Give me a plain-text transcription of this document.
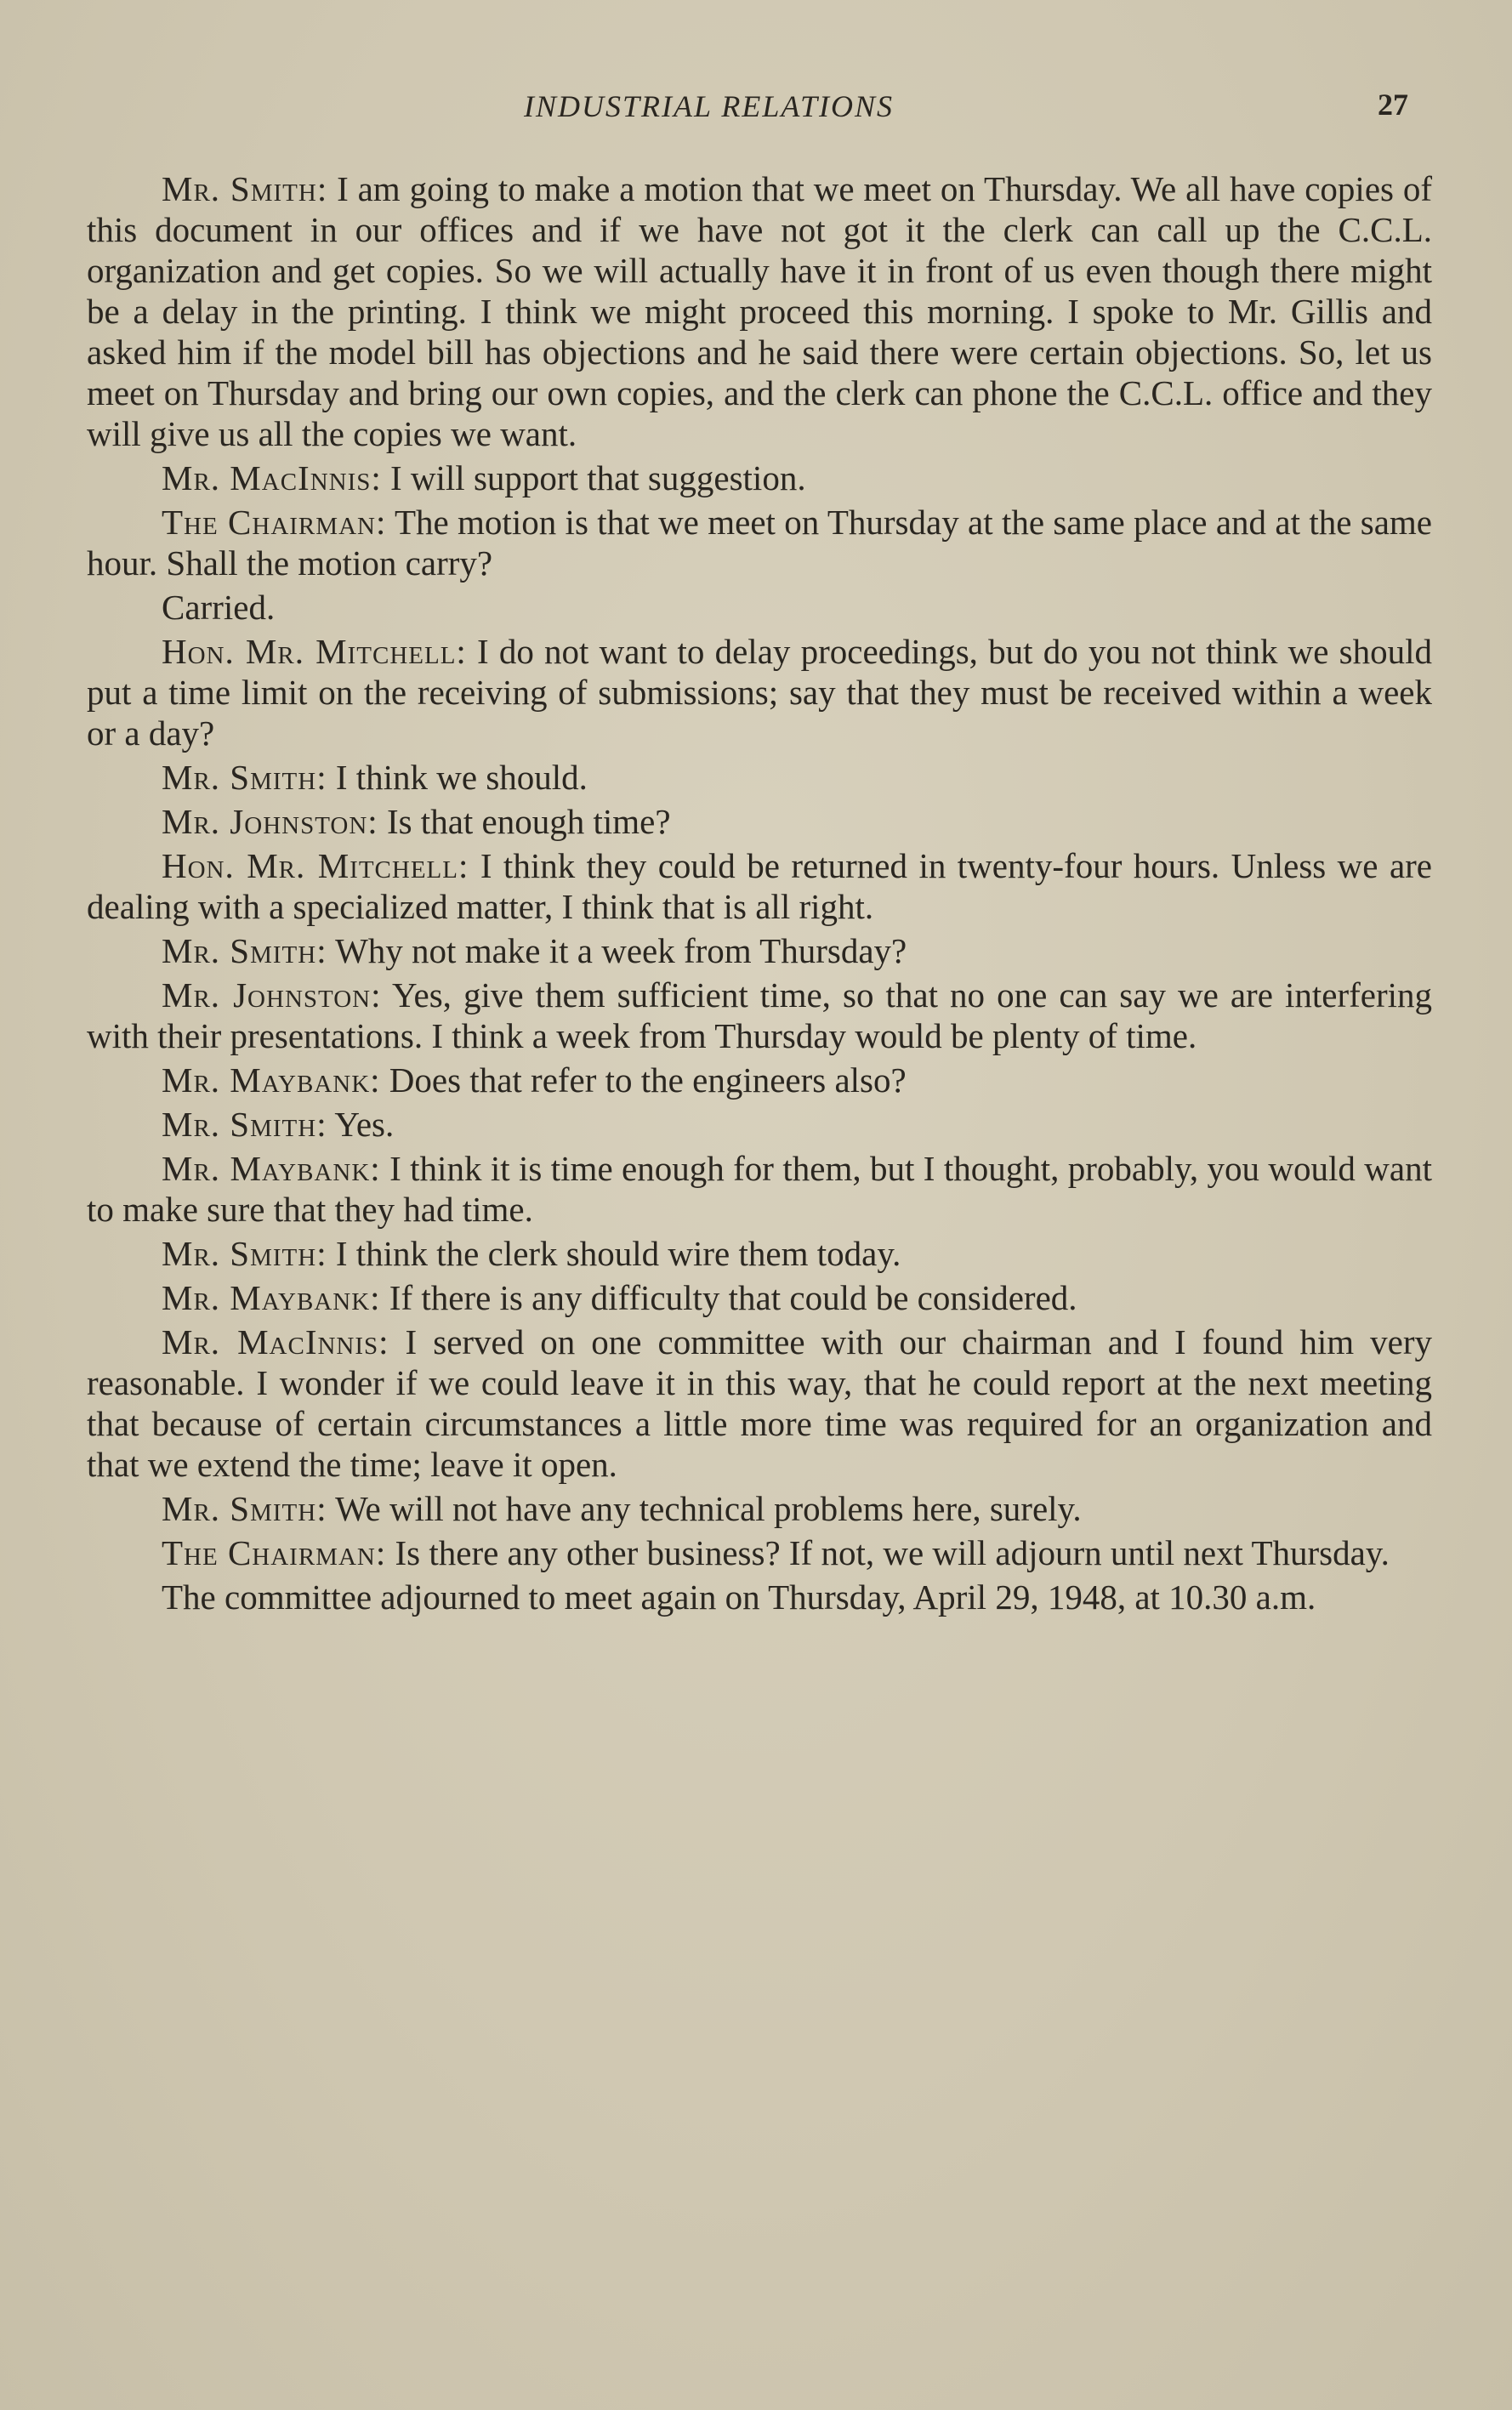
INDUSTRIAL RELATIONS	27

Mr. Smith: I am going to make a motion that we meet on Thursday. We all have copies of this document in our offices and if we have not got it the clerk can call up the C.C.L. organization and get copies. So we will actually have it in front of us even though there might be a delay in the printing. I think we might proceed this morning. I spoke to Mr. Gillis and asked him if the model bill has objections and he said there were certain objections. So, let us meet on Thursday and bring our own copies, and the clerk can phone the C.C.L. office and they will give us all the copies we want.

Mr. MacInnis: I will support that suggestion.

The Chairman: The motion is that we meet on Thursday at the same place and at the same hour. Shall the motion carry?

Carried.

Hon. Mr. Mitchell: I do not want to delay proceedings, but do you not think we should put a time limit on the receiving of submissions; say that they must be received within a week or a day?

Mr. Smith: I think we should.

Mr. Johnston: Is that enough time?

Hon. Mr. Mitchell: I think they could be returned in twenty-four hours. Unless we are dealing with a specialized matter, I think that is all right.

Mr. Smith: Why not make it a week from Thursday?

Mr. Johnston: Yes, give them sufficient time, so that no one can say we are interfering with their presentations. I think a week from Thursday would be plenty of time.

Mr. Maybank: Does that refer to the engineers also?

Mr. Smith: Yes.

Mr. Maybank: I think it is time enough for them, but I thought, probably, you would want to make sure that they had time.

Mr. Smith: I think the clerk should wire them today.

Mr. Maybank: If there is any difficulty that could be considered.

Mr. MacInnis: I served on one committee with our chairman and I found him very reasonable. I wonder if we could leave it in this way, that he could report at the next meeting that because of certain circumstances a little more time was required for an organization and that we extend the time; leave it open.

Mr. Smith: We will not have any technical problems here, surely.

The Chairman: Is there any other business? If not, we will adjourn until next Thursday.

The committee adjourned to meet again on Thursday, April 29, 1948, at 10.30 a.m.
